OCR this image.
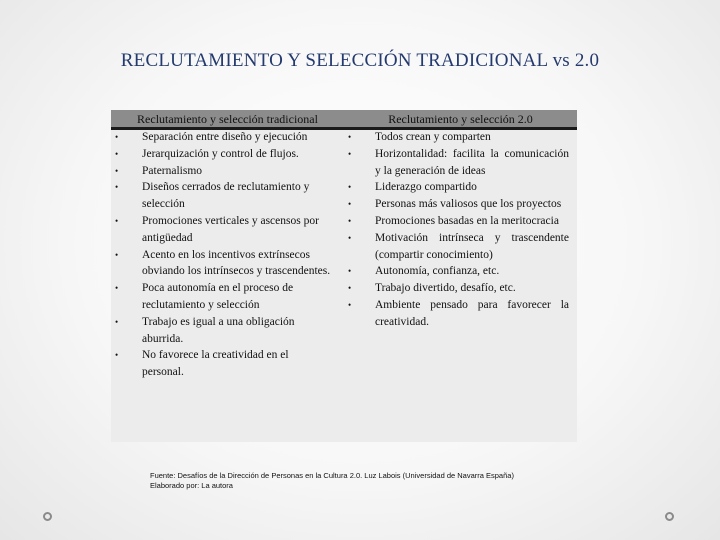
RECLUTAMIENTO Y SELECCIÓN TRADICIONAL vs 2.0
Reclutamiento y selección tradicional	Reclutamiento y selección 2.0
• Separación entre diseño y ejecución
• Jerarquización y control de flujos.
• Paternalismo
• Diseños cerrados de reclutamiento y selección
• Promociones verticales y ascensos por antigüedad
• Acento en los incentivos extrínsecos obviando los intrínsecos y trascendentes.
• Poca autonomía en el proceso de reclutamiento y selección
• Trabajo es igual a una obligación aburrida.
• No favorece la creatividad en el personal.
• Todos crean y comparten
• Horizontalidad: facilita la comunicación y la generación de ideas
• Liderazgo compartido
• Personas más valiosos que los proyectos
• Promociones basadas en la meritocracia
• Motivación intrínseca y trascendente (compartir conocimiento)
• Autonomía, confianza, etc.
• Trabajo divertido, desafío, etc.
• Ambiente pensado para favorecer la creatividad.
Fuente: Desafíos de la Dirección de Personas en la Cultura 2.0. Luz Labois (Universidad de Navarra España)
Elaborado por: La autora
